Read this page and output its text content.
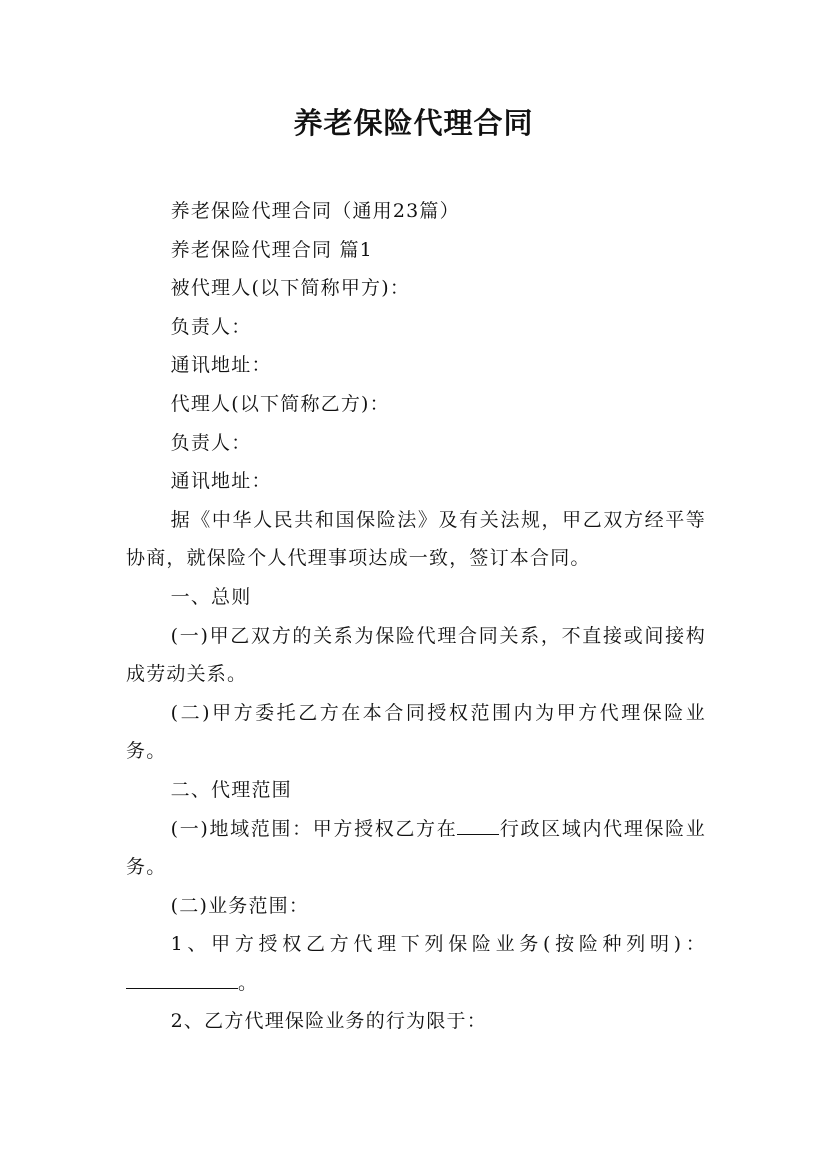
养老保险代理合同

养老保险代理合同（通用23篇）

养老保险代理合同 篇1

被代理人(以下简称甲方)：

负责人：

通讯地址：

代理人(以下简称乙方)：

负责人：

通讯地址：

据《中华人民共和国保险法》及有关法规，甲乙双方经平等协商，就保险个人代理事项达成一致，签订本合同。

一、总则

(一)甲乙双方的关系为保险代理合同关系，不直接或间接构成劳动关系。

(二)甲方委托乙方在本合同授权范围内为甲方代理保险业务。

二、代理范围

(一)地域范围：甲方授权乙方在 行政区域内代理保险业务。

(二)业务范围：

1、甲方授权乙方代理下列保险业务(按险种列明)：。

2、乙方代理保险业务的行为限于：
